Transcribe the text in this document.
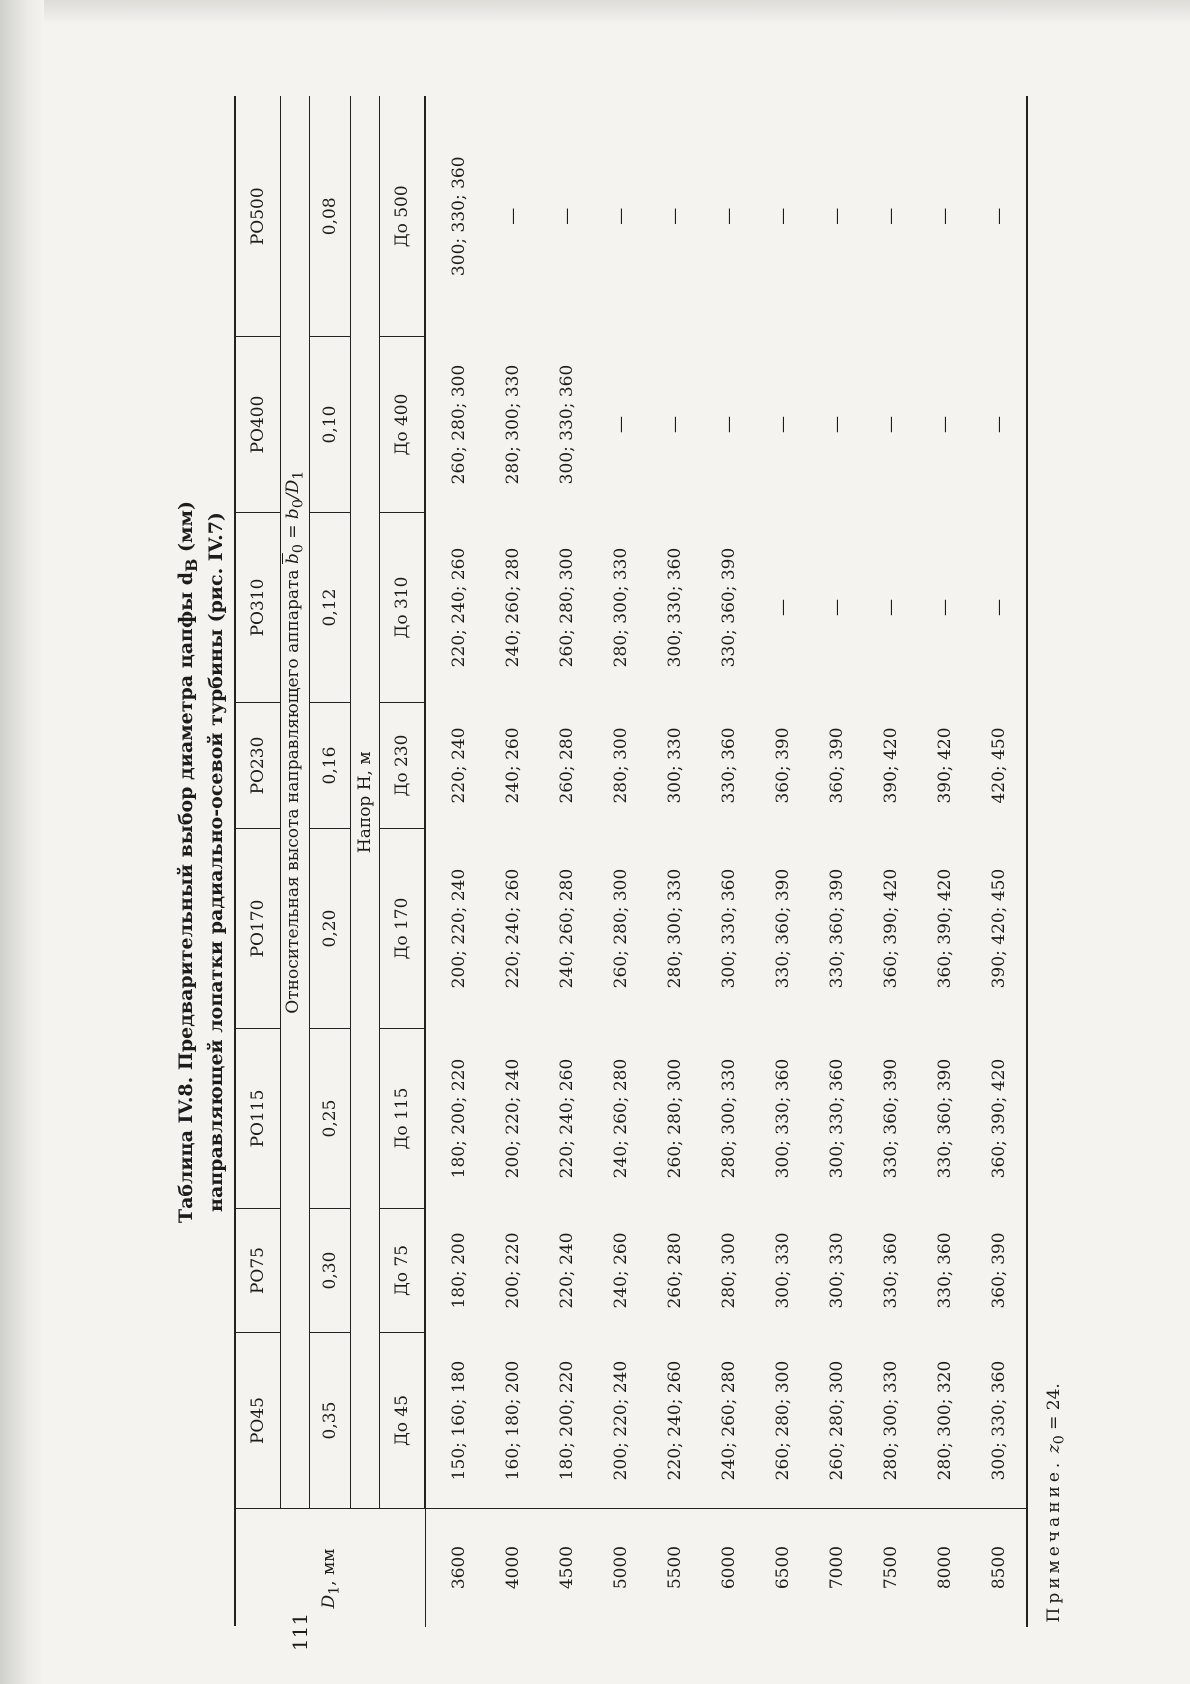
Таблица IV.8. Предварительный выбор диаметра цапфы $d_В$ (мм) направляющей лопатки радиально-осевой турбины (рис. IV.7)
$D_1$, мм	РО45	РО75	РО115	РО170	РО230	РО310	РО400	РО500
	Относительная высота направляющего аппарата $\overline{b}_0 = b_0/D_1$
	0,35	0,30	0,25	0,20	0,16	0,12	0,10	0,08
	Напор H, м							
	До 45	До 75	До 115	До 170	До 230	До 310	До 400	До 500
3600	150; 160; 180	180; 200	180; 200; 220	200; 220; 240	220; 240	220; 240; 260	260; 280; 300	300; 330; 360
4000	160; 180; 200	200; 220	200; 220; 240	220; 240; 260	240; 260	240; 260; 280	280; 300; 330	—
4500	180; 200; 220	220; 240	220; 240; 260	240; 260; 280	260; 280	260; 280; 300	300; 330; 360	—
5000	200; 220; 240	240; 260	240; 260; 280	260; 280; 300	280; 300	280; 300; 330	—	—
5500	220; 240; 260	260; 280	260; 280; 300	280; 300; 330	300; 330	300; 330; 360	—	—
6000	240; 260; 280	280; 300	280; 300; 330	300; 330; 360	330; 360	330; 360; 390	—	—
6500	260; 280; 300	300; 330	300; 330; 360	330; 360; 390	360; 390	—	—	—
7000	260; 280; 300	300; 330	300; 330; 360	330; 360; 390	360; 390	—	—	—
7500	280; 300; 330	330; 360	330; 360; 390	360; 390; 420	390; 420	—	—	—
8000	280; 300; 320	330; 360	330; 360; 390	360; 390; 420	390; 420	—	—	—
8500	300; 330; 360	360; 390	360; 390; 420	390; 420; 450	420; 450	—	—	—
Примечание. $z_0 = 24$.								
111
